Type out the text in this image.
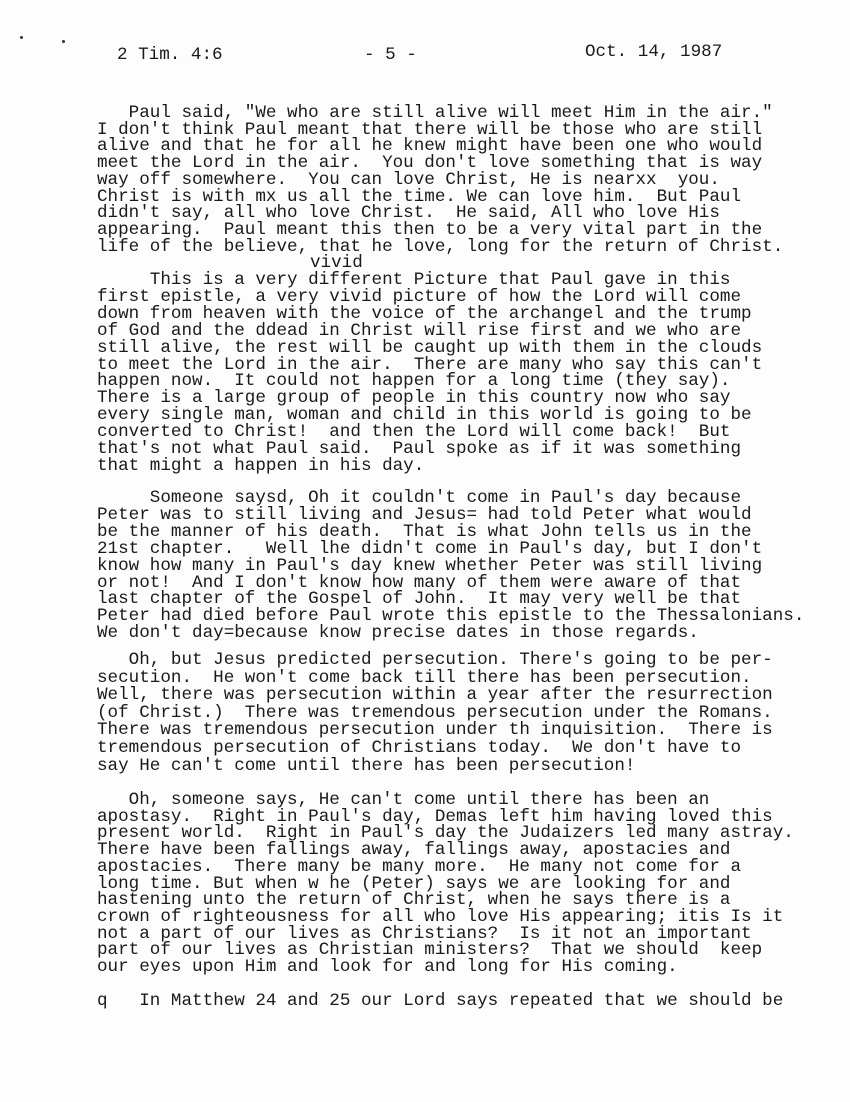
2 Tim. 4:6	- 5 -	Oct. 14, 1987
Paul said, "We who are still alive will meet Him in the air."
I don't think Paul meant that there will be those who are still
alive and that he for all he knew might have been one who would
meet the Lord in the air.  You don't love something that is way
way off somewhere.  You can love Christ, He is nearxx  you.
Christ is with mx us all the time. We can love him.  But Paul
didn't say, all who love Christ.  He said, All who love His
appearing.  Paul meant this then to be a very vital part in the
life of the believe, that he love, long for the return of Christ.
vivid
This is a very different Picture that Paul gave in this
first epistle, a very vivid picture of how the Lord will come
down from heaven with the voice of the archangel and the trump
of God and the ddead in Christ will rise first and we who are
still alive, the rest will be caught up with them in the clouds
to meet the Lord in the air.  There are many who say this can't
happen now.  It could not happen for a long time (they say).
There is a large group of people in this country now who say
every single man, woman and child in this world is going to be
converted to Christ!  and then the Lord will come back!  But
that's not what Paul said.  Paul spoke as if it was something
that might a happen in his day.
Someone saysd, Oh it couldn't come in Paul's day because
Peter was to still living and Jesus= had told Peter what would
be the manner of his death.  That is what John tells us in the
21st chapter.   Well lhe didn't come in Paul's day, but I don't
know how many in Paul's day knew whether Peter was still living
or not!  And I don't know how many of them were aware of that
last chapter of the Gospel of John.  It may very well be that
Peter had died before Paul wrote this epistle to the Thessalonians.
We don't day=because know precise dates in those regards.
Oh, but Jesus predicted persecution. There's going to be per-
secution.  He won't come back till there has been persecution.
Well, there was persecution within a year after the resurrection
(of Christ.)  There was tremendous persecution under the Romans.
There was tremendous persecution under th inquisition.  There is
tremendous persecution of Christians today.  We don't have to
say He can't come until there has been persecution!
Oh, someone says, He can't come until there has been an
apostasy.  Right in Paul's day, Demas left him having loved this
present world.  Right in Paul's day the Judaizers led many astray.
There have been fallings away, fallings away, apostacies and
apostacies.  There many be many more.  He many not come for a
long time. But when w he (Peter) says we are looking for and
hastening unto the return of Christ, when he says there is a
crown of righteousness for all who love His appearing; itis Is it
not a part of our lives as Christians?  Is it not an important
part of our lives as Christian ministers?  That we should  keep
our eyes upon Him and look for and long for His coming.
q   In Matthew 24 and 25 our Lord says repeated that we should be
